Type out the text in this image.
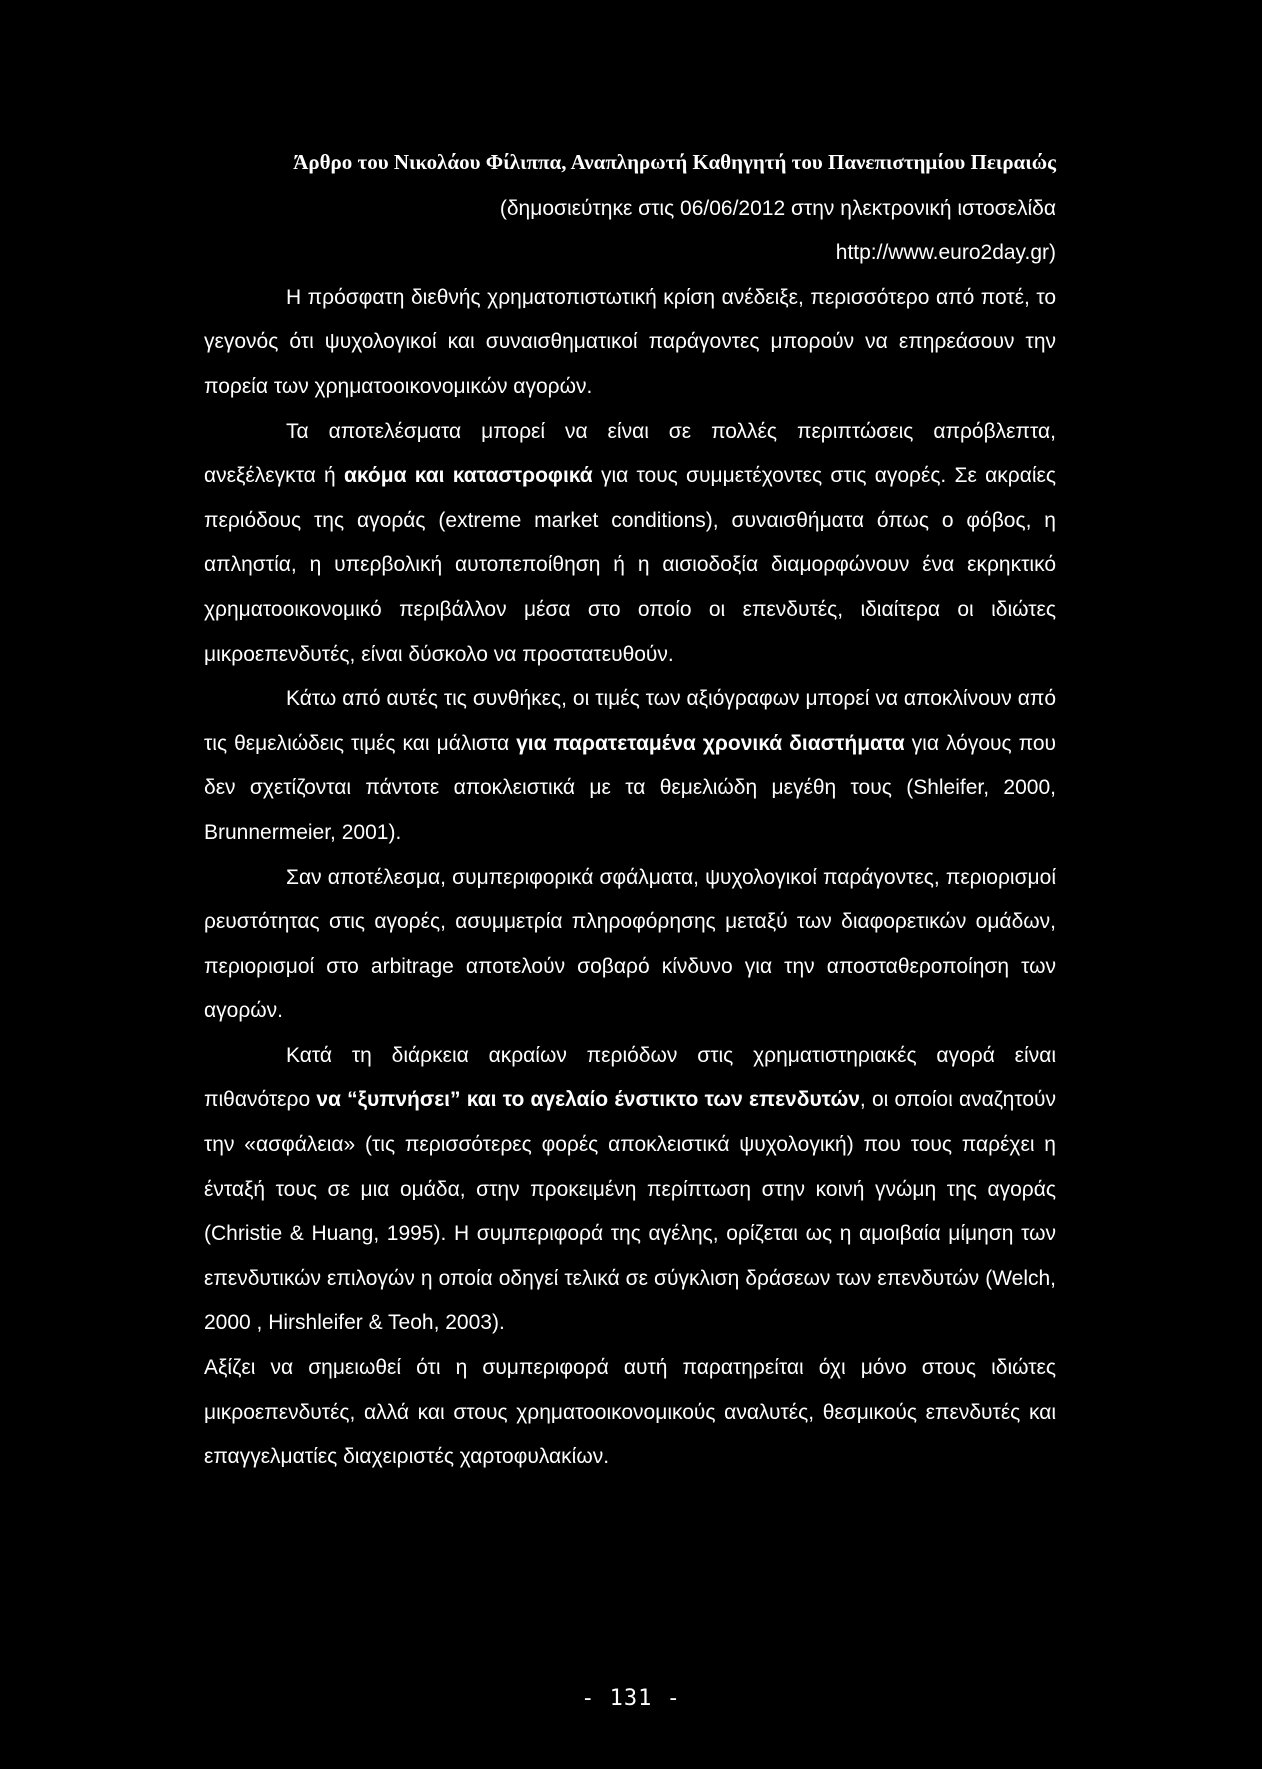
Άρθρο του Νικολάου Φίλιππα, Αναπληρωτή Καθηγητή του Πανεπιστημίου Πειραιώς (δημοσιεύτηκε στις 06/06/2012 στην ηλεκτρονική ιστοσελίδα
http://www.euro2day.gr)

Η πρόσφατη διεθνής χρηματοπιστωτική κρίση ανέδειξε, περισσότερο από ποτέ, το γεγονός ότι ψυχολογικοί και συναισθηματικοί παράγοντες μπορούν να επηρεάσουν την πορεία των χρηματοοικονομικών αγορών.

Τα αποτελέσματα μπορεί να είναι σε πολλές περιπτώσεις απρόβλεπτα, ανεξέλεγκτα ή ακόμα και καταστροφικά για τους συμμετέχοντες στις αγορές. Σε ακραίες περιόδους της αγοράς (extreme market conditions), συναισθήματα όπως ο φόβος, η απληστία, η υπερβολική αυτοπεποίθηση ή η αισιοδοξία διαμορφώνουν ένα εκρηκτικό χρηματοοικονομικό περιβάλλον μέσα στο οποίο οι επενδυτές, ιδιαίτερα οι ιδιώτες μικροεπενδυτές, είναι δύσκολο να προστατευθούν.

Κάτω από αυτές τις συνθήκες, οι τιμές των αξιόγραφων μπορεί να αποκλίνουν από τις θεμελιώδεις τιμές και μάλιστα για παρατεταμένα χρονικά διαστήματα για λόγους που δεν σχετίζονται πάντοτε αποκλειστικά με τα θεμελιώδη μεγέθη τους (Shleifer, 2000, Brunnermeier, 2001).

Σαν αποτέλεσμα, συμπεριφορικά σφάλματα, ψυχολογικοί παράγοντες, περιορισμοί ρευστότητας στις αγορές, ασυμμετρία πληροφόρησης μεταξύ των διαφορετικών ομάδων, περιορισμοί στο arbitrage αποτελούν σοβαρό κίνδυνο για την αποσταθεροποίηση των αγορών.

Κατά τη διάρκεια ακραίων περιόδων στις χρηματιστηριακές αγορά είναι πιθανότερο να “ξυπνήσει” και το αγελαίο ένστικτο των επενδυτών, οι οποίοι αναζητούν την «ασφάλεια» (τις περισσότερες φορές αποκλειστικά ψυχολογική) που τους παρέχει η ένταξή τους σε μια ομάδα, στην προκειμένη περίπτωση στην κοινή γνώμη της αγοράς (Christie & Huang, 1995). Η συμπεριφορά της αγέλης, ορίζεται ως η αμοιβαία μίμηση των επενδυτικών επιλογών η οποία οδηγεί τελικά σε σύγκλιση δράσεων των επενδυτών (Welch, 2000 , Hirshleifer & Teoh, 2003).

Αξίζει να σημειωθεί ότι η συμπεριφορά αυτή παρατηρείται όχι μόνο στους ιδιώτες μικροεπενδυτές, αλλά και στους χρηματοοικονομικούς αναλυτές, θεσμικούς επενδυτές και επαγγελματίες διαχειριστές χαρτοφυλακίων.

- 131 -
